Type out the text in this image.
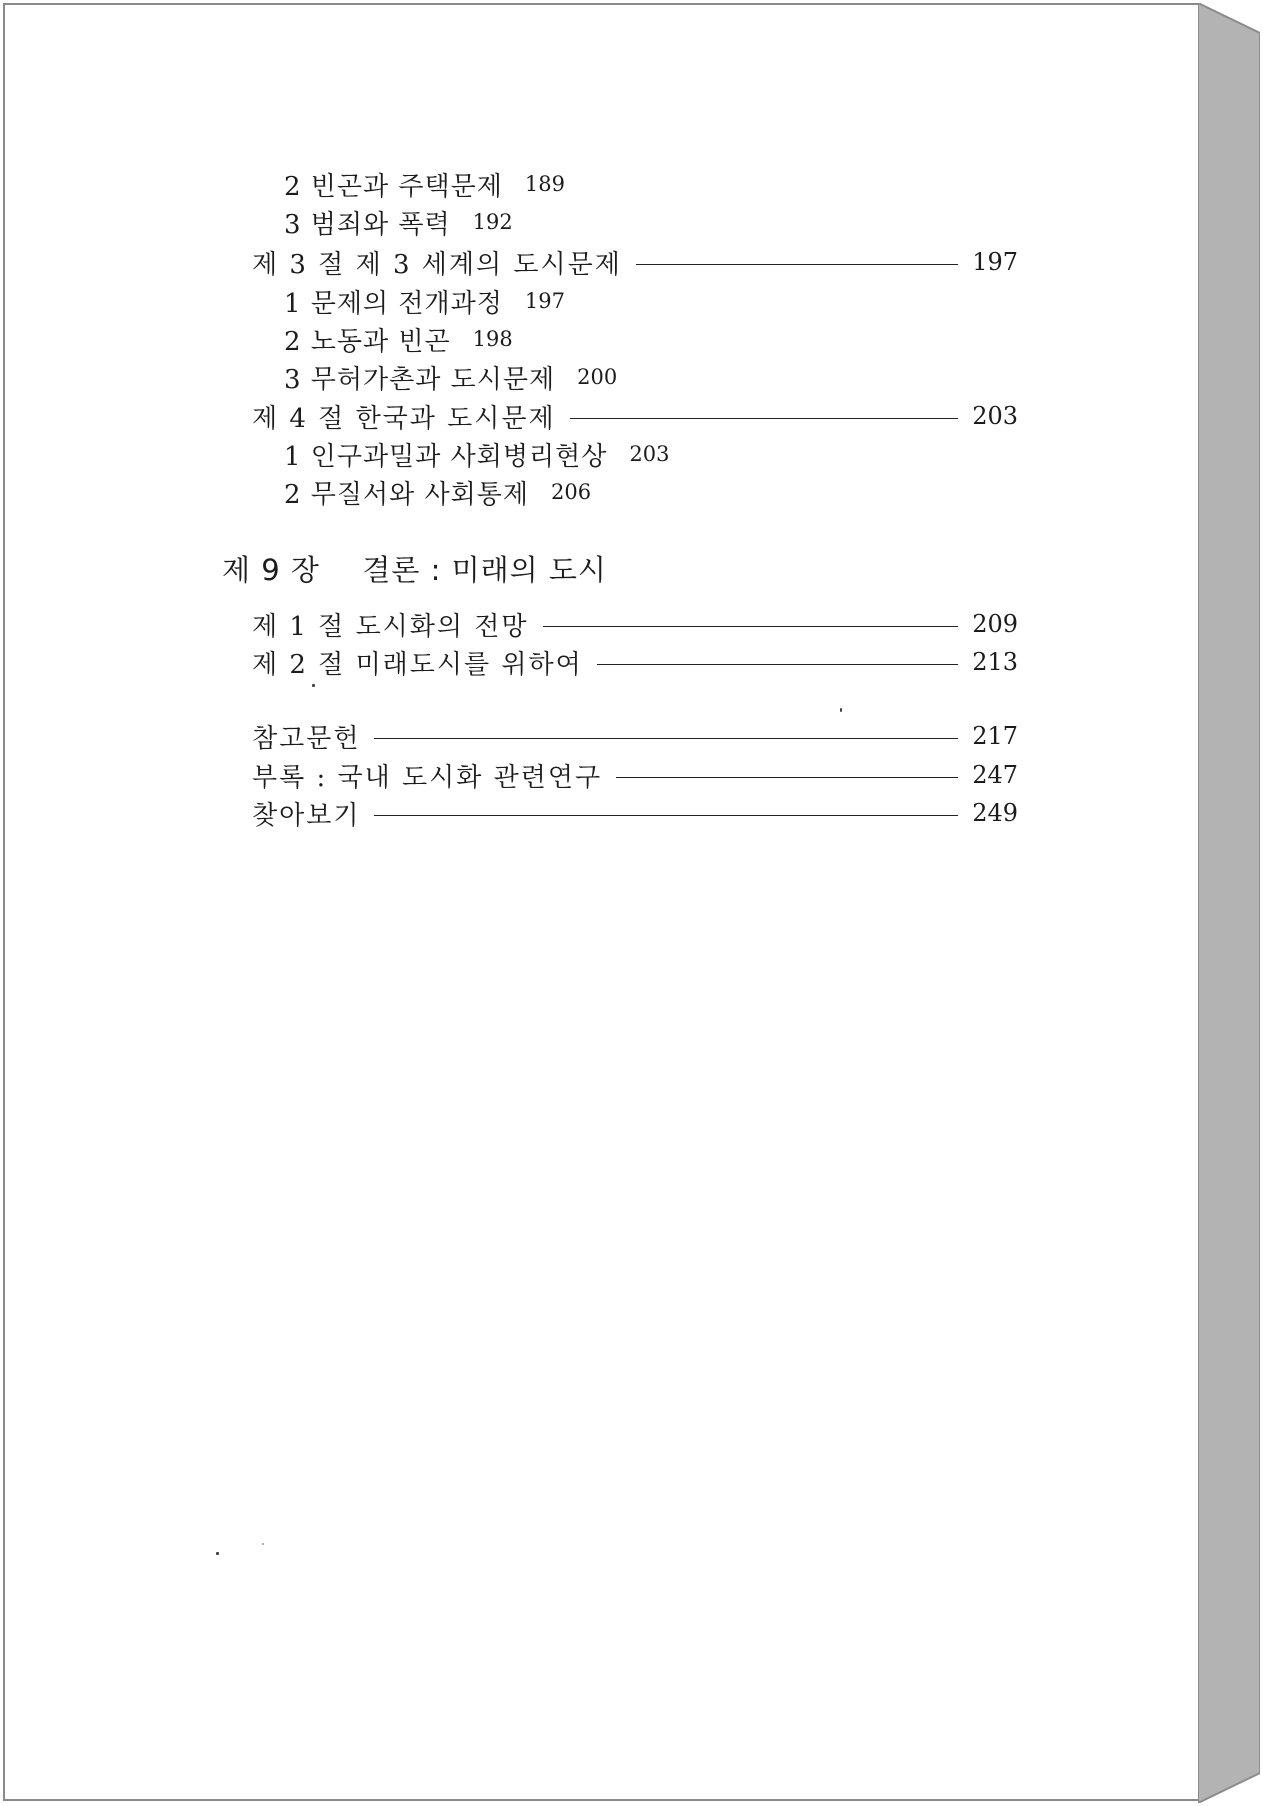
2 빈곤과 주택문제 189
3 범죄와 폭력 192
제 3 절 제 3 세계의 도시문제	197
1 문제의 전개과정 197
2 노동과 빈곤 198
3 무허가촌과 도시문제 200
제 4 절 한국과 도시문제	203
1 인구과밀과 사회병리현상 203
2 무질서와 사회통제 206
제 9 장 결론 : 미래의 도시
제 1 절 도시화의 전망	209
제 2 절 미래도시를 위하여	213
참고문헌	217
부록 : 국내 도시화 관련연구	247
찾아보기	249
